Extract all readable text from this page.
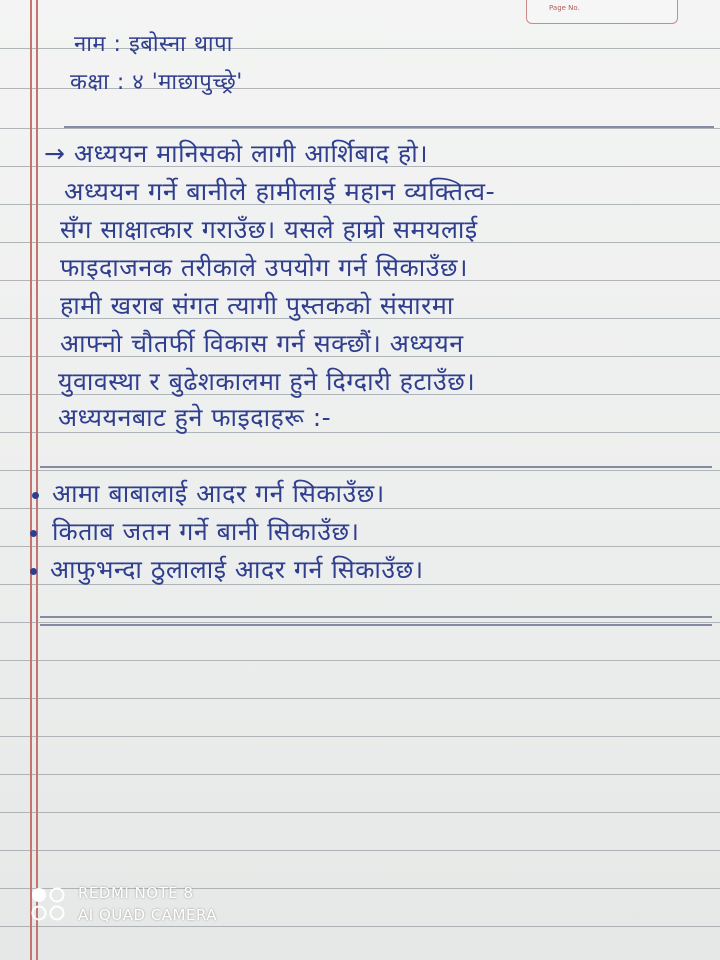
Page No.
नाम : इबोस्ना थापा
कक्षा : ४ 'माछापुच्छ्रे'
→ अध्ययन मानिसको लागी आर्शिबाद हो।
अध्ययन गर्ने बानीले हामीलाई महान व्यक्तित्व-
सँग साक्षात्कार गराउँछ। यसले हाम्रो समयलाई
फाइदाजनक तरीकाले उपयोग गर्न सिकाउँछ।
हामी खराब संगत त्यागी पुस्तकको संसारमा
आफ्नो चौतर्फी विकास गर्न सक्छौं। अध्ययन
युवावस्था र बुढेशकालमा हुने दिग्दारी हटाउँछ।
अध्ययनबाट हुने फाइदाहरू :-
आमा बाबालाई आदर गर्न सिकाउँछ।
किताब जतन गर्ने बानी सिकाउँछ।
आफुभन्दा ठुलालाई आदर गर्न सिकाउँछ।
REDMI NOTE 8
AI QUAD CAMERA
